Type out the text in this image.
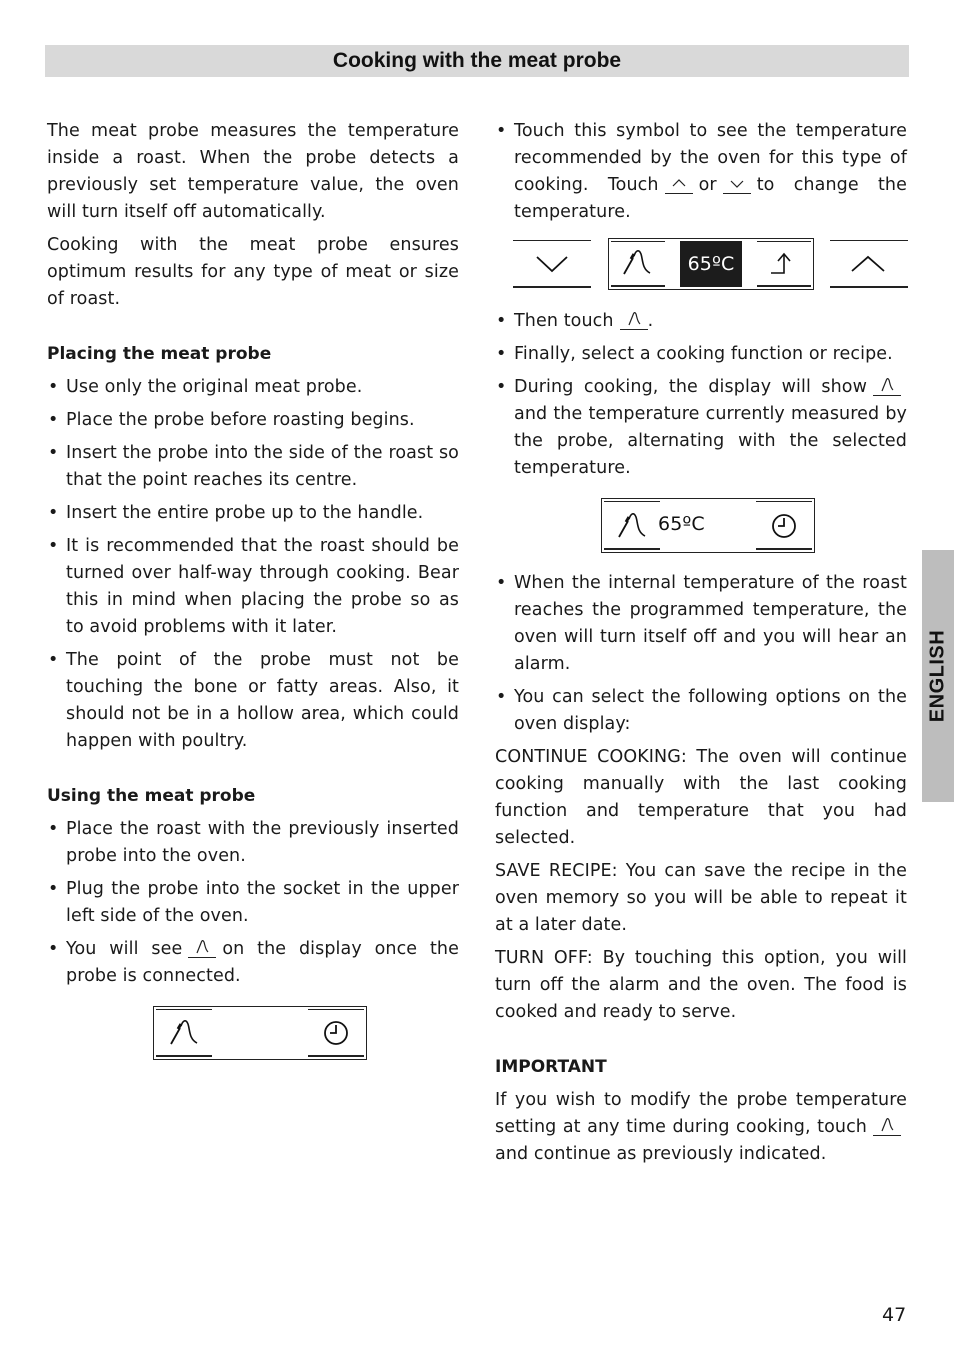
Cooking with the meat probe

The meat probe measures the temperature inside a roast. When the probe detects a previously set temperature value, the oven will turn itself off automatically.

Cooking with the meat probe ensures optimum results for any type of meat or size of roast.

Placing the meat probe
• Use only the original meat probe.
• Place the probe before roasting begins.
• Insert the probe into the side of the roast so that the point reaches its centre.
• Insert the entire probe up to the handle.
• It is recommended that the roast should be turned over half-way through cooking. Bear this in mind when placing the probe so as to avoid problems with it later.
• The point of the probe must not be touching the bone or fatty areas. Also, it should not be in a hollow area, which could happen with poultry.
Using the meat probe
• Place the roast with the previously inserted probe into the oven.
• Plug the probe into the socket in the upper left side of the oven.
• You will see on the display once the probe is connected.
• Touch this symbol to see the temperature recommended by the oven for this type of cooking. Touch or to change the temperature.
65ºC
• Then touch .
• Finally, select a cooking function or recipe.
• During cooking, the display will show
and the temperature currently measured by the probe, alternating with the selected temperature.
65ºC
• When the internal temperature of the roast reaches the programmed temperature, the oven will turn itself off and you will hear an alarm.
• You can select the following options on the oven display:

CONTINUE COOKING: The oven will continue cooking manually with the last cooking function and temperature that you had selected.

SAVE RECIPE: You can save the recipe in the oven memory so you will be able to repeat it at a later date.

TURN OFF: By touching this option, you will turn off the alarm and the oven. The food is cooked and ready to serve.

IMPORTANT

If you wish to modify the probe temperature setting at any time during cooking, touch
and continue as previously indicated.

ENGLISH
47
